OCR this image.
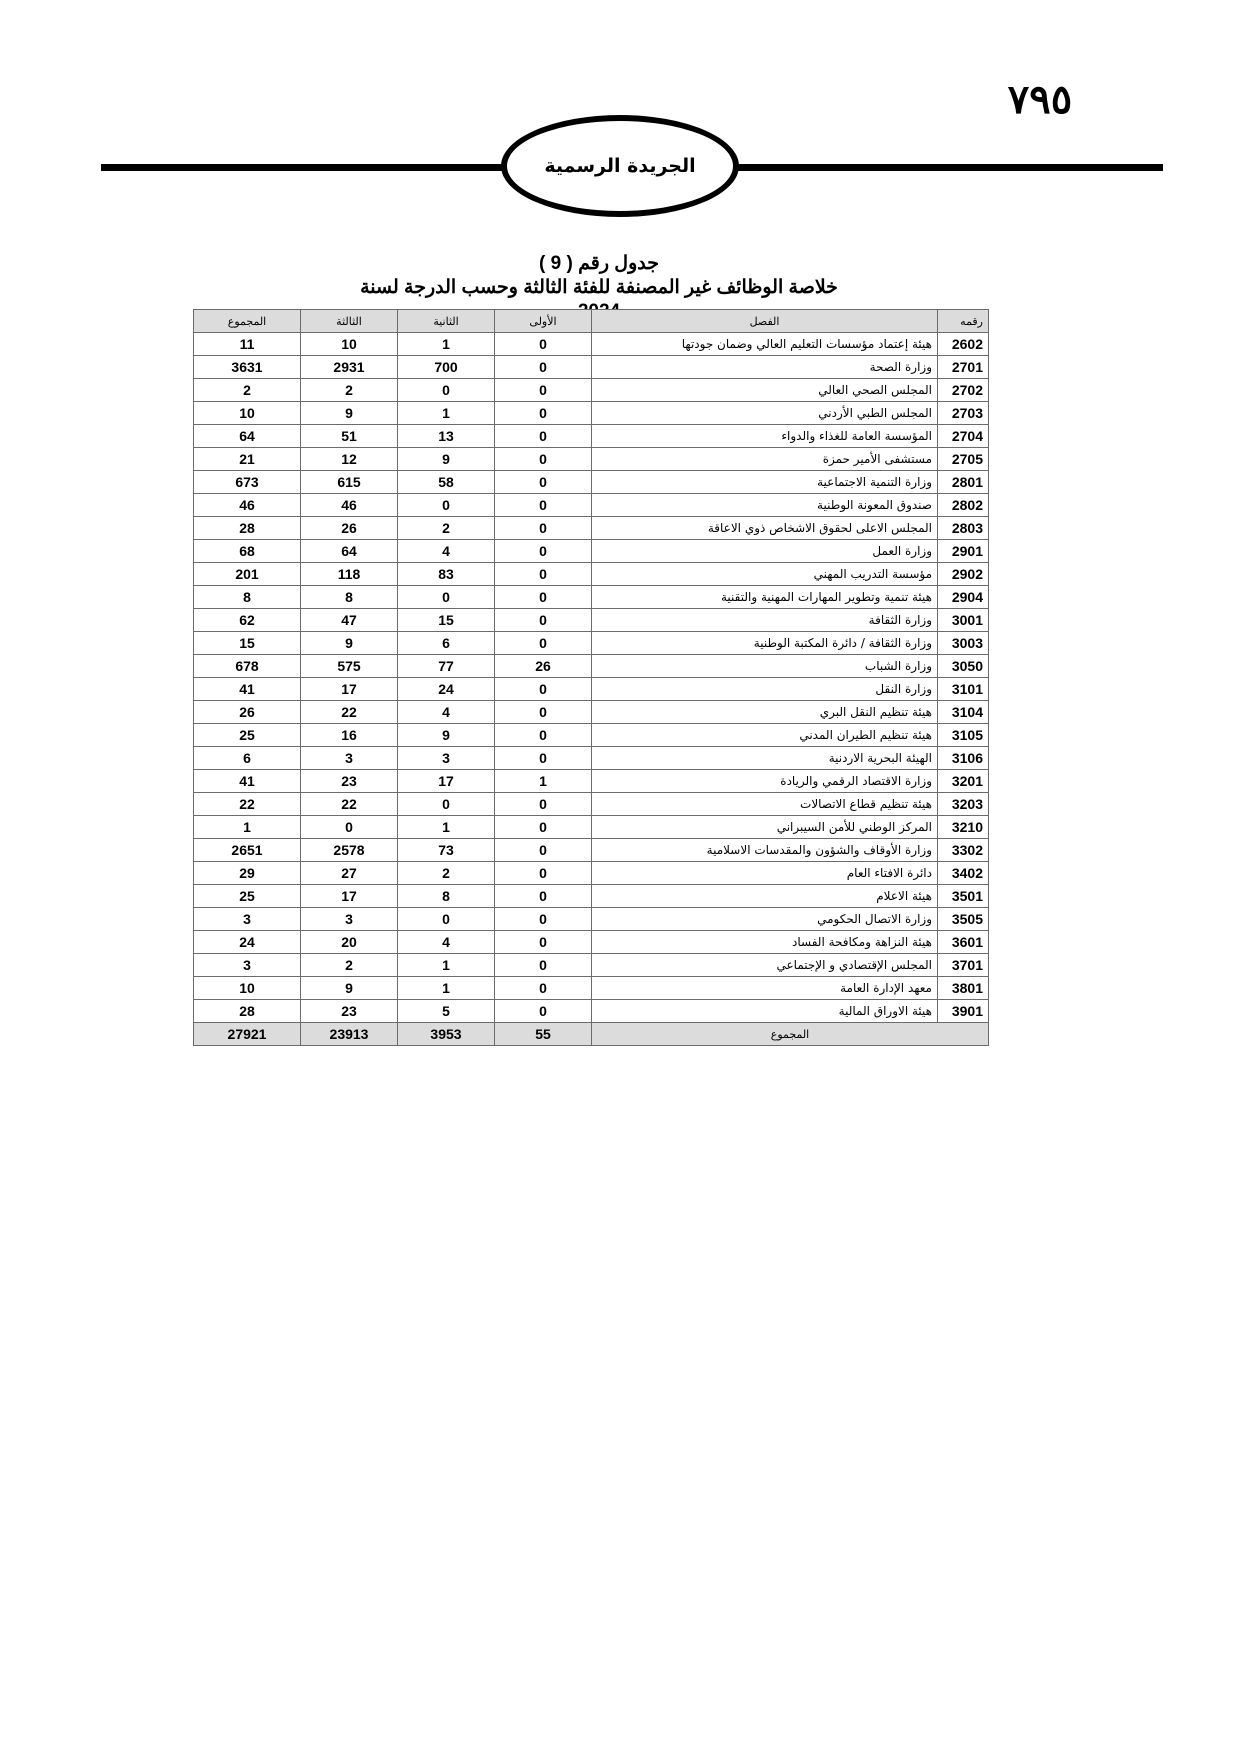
٧٩٥
الجريدة الرسمية
جدول رقم ( 9 )
خلاصة الوظائف غير المصنفة للفئة الثالثة وحسب الدرجة لسنة
رقمه	الفصل	الأولى	الثانية	الثالثة	المجموع
2602	هيئة إعتماد مؤسسات التعليم العالي وضمان جودتها	0	1	10	11
2701	وزارة الصحة	0	700	2931	3631
2702	المجلس الصحي العالي	0	0	2	2
2703	المجلس الطبي الأردني	0	1	9	10
2704	المؤسسة العامة للغذاء والدواء	0	13	51	64
2705	مستشفى الأمير حمزة	0	9	12	21
2801	وزارة التنمية الاجتماعية	0	58	615	673
2802	صندوق المعونة الوطنية	0	0	46	46
2803	المجلس الاعلى لحقوق الاشخاص ذوي الاعاقة	0	2	26	28
2901	وزارة العمل	0	4	64	68
2902	مؤسسة التدريب المهني	0	83	118	201
2904	هيئة تنمية وتطوير المهارات المهنية والتقنية	0	0	8	8
3001	وزارة الثقافة	0	15	47	62
3003	وزارة الثقافة / دائرة المكتبة الوطنية	0	6	9	15
3050	وزارة الشباب	26	77	575	678
3101	وزارة النقل	0	24	17	41
3104	هيئة تنظيم النقل البري	0	4	22	26
3105	هيئة تنظيم الطيران المدني	0	9	16	25
3106	الهيئة البحرية الاردنية	0	3	3	6
3201	وزارة الاقتصاد الرقمي والريادة	1	17	23	41
3203	هيئة تنظيم قطاع الاتصالات	0	0	22	22
3210	المركز الوطني للأمن السيبراني	0	1	0	1
3302	وزارة الأوقاف والشؤون والمقدسات الاسلامية	0	73	2578	2651
3402	دائرة الافتاء العام	0	2	27	29
3501	هيئة الاعلام	0	8	17	25
3505	وزارة الاتصال الحكومي	0	0	3	3
3601	هيئة النزاهة ومكافحة الفساد	0	4	20	24
3701	المجلس الإقتصادي و الإجتماعي	0	1	2	3
3801	معهد الإدارة العامة	0	1	9	10
3901	هيئة الاوراق المالية	0	5	23	28
المجموع	55	3953	23913	27921
